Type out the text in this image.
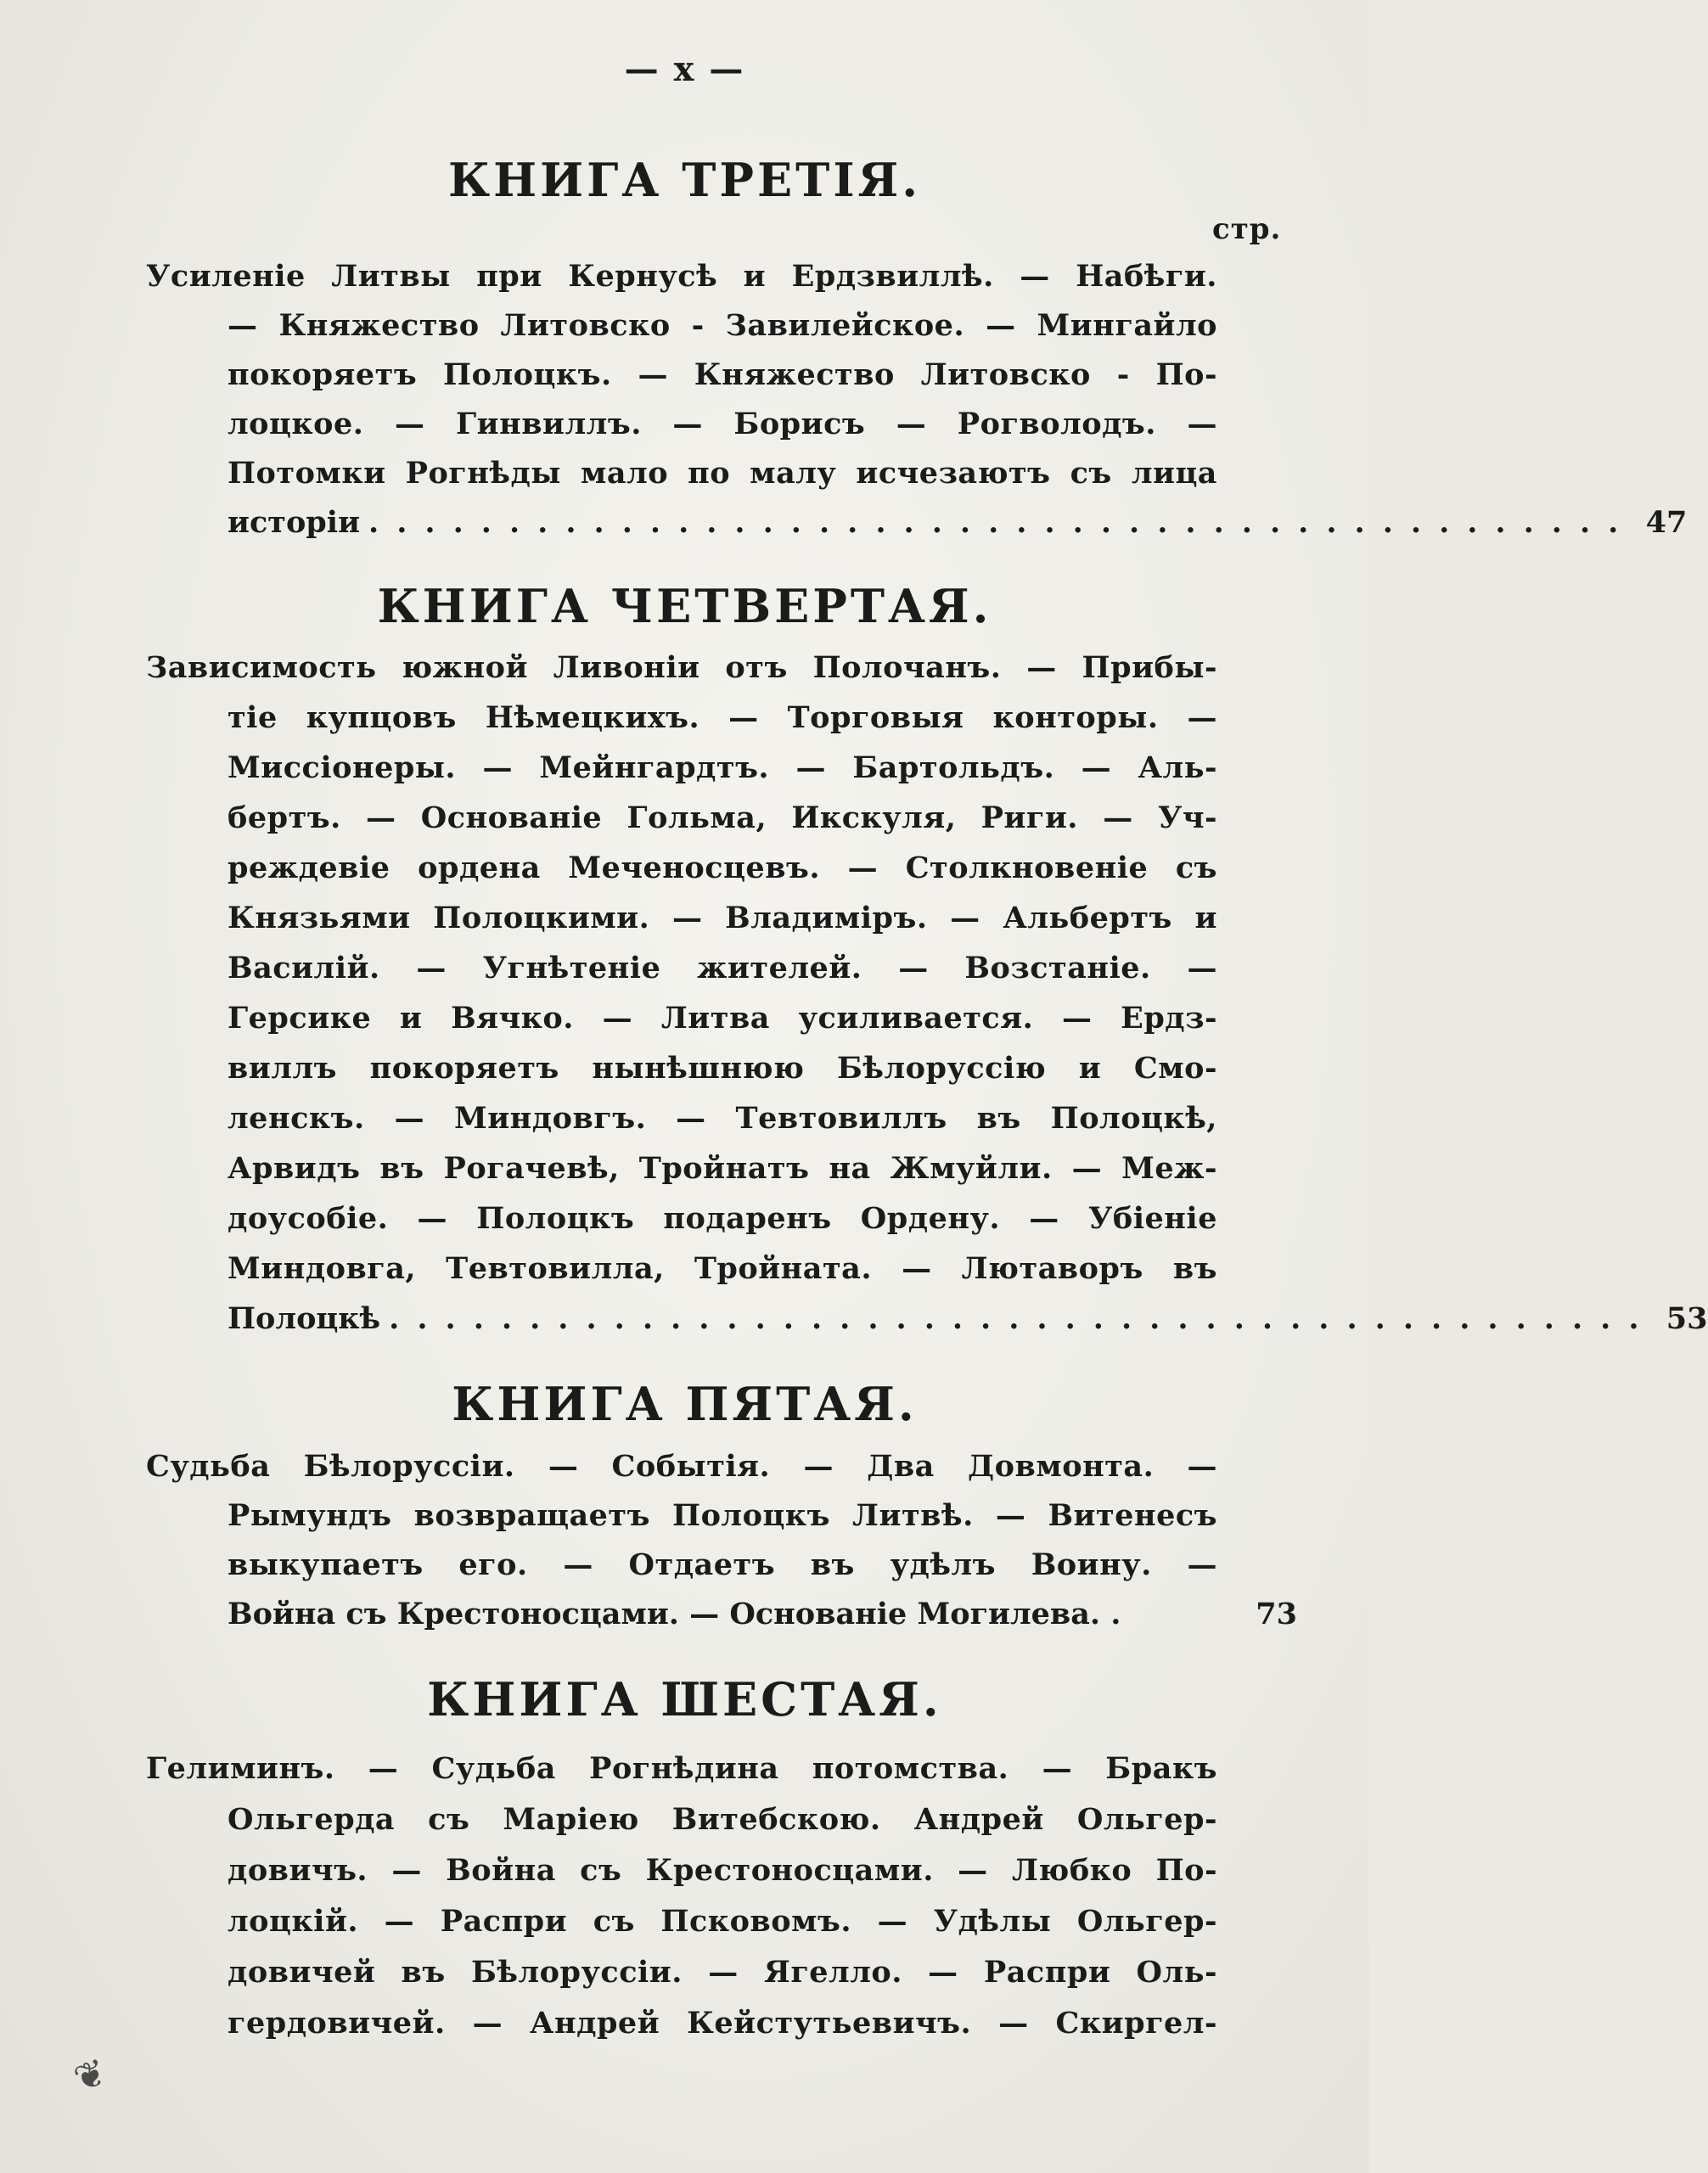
— x —
стр.
КНИГА ТРЕТІЯ.
Усиленіе Литвы при Кернусѣ и Ердзвиллѣ. — Набѣги.
— Княжество Литовско - Завилейское. — Мингайло
покоряетъ Полоцкъ. — Княжество Литовско - По-
лоцкое. — Гинвиллъ. — Борисъ — Рогволодъ. —
Потомки Рогнѣды мало по малу исчезаютъ съ лица
исторіи ............................................. 47
КНИГА ЧЕТВЕРТАЯ.
Зависимость южной Ливоніи отъ Полочанъ. — Прибы-
тіе купцовъ Нѣмецкихъ. — Торговыя конторы. —
Миссіонеры. — Мейнгардтъ. — Бартольдъ. — Аль-
бертъ. — Основаніе Гольма, Икскуля, Риги. — Уч-
реждевіе ордена Меченосцевъ. — Столкновеніе съ
Князьями Полоцкими. — Владиміръ. — Альбертъ и
Василій. — Угнѣтеніе жителей. — Возстаніе. —
Герсике и Вячко. — Литва усиливается. — Ердз-
виллъ покоряетъ нынѣшнюю Бѣлоруссію и Смо-
ленскъ. — Миндовгъ. — Тевтовиллъ въ Полоцкѣ,
Арвидъ въ Рогачевѣ, Тройнатъ на Жмуйли. — Меж-
доусобіе. — Полоцкъ подаренъ Ордену. — Убіеніе
Миндовга, Тевтовилла, Тройната. — Лютаворъ въ
Полоцкѣ ............................................. 53
КНИГА ПЯТАЯ.
Судьба Бѣлоруссіи. — Событія. — Два Довмонта. —
Рымундъ возвращаетъ Полоцкъ Литвѣ. — Витенесъ
выкупаетъ его. — Отдаетъ въ удѣлъ Воину. —
Война съ Крестоносцами. — Основаніе Могилева. .	73
КНИГА ШЕСТАЯ.
Гелиминъ. — Судьба Рогнѣдина потомства. — Бракъ
Ольгерда съ Маріею Витебскою. Андрей Ольгер-
довичъ. — Война съ Крестоносцами. — Любко По-
лоцкій. — Распри съ Псковомъ. — Удѣлы Ольгер-
довичей въ Бѣлоруссіи. — Ягелло. — Распри Оль-
гердовичей. — Андрей Кейстутьевичъ. — Скиргел-
❦
